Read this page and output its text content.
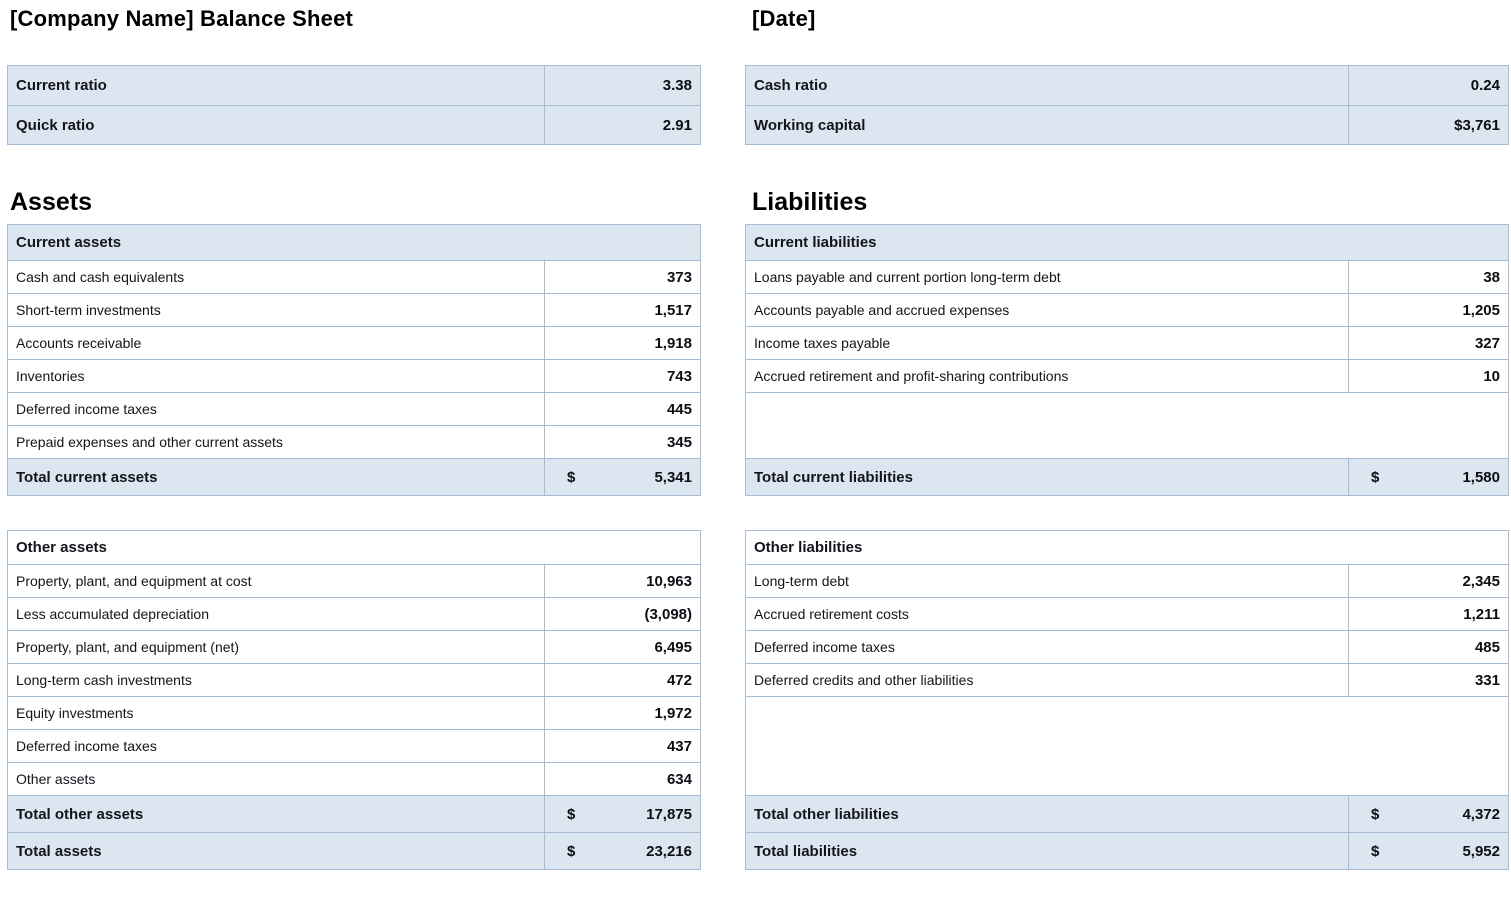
[Company Name] Balance Sheet	[Date]
Current ratio	3.38
Quick ratio	2.91
Cash ratio	0.24
Working capital	$3,761
Assets	Liabilities
Current assets
Cash and cash equivalents	373
Short-term investments	1,517
Accounts receivable	1,918
Inventories	743
Deferred income taxes	445
Prepaid expenses and other current assets	345
Total current assets	$	5,341
Other assets
Property, plant, and equipment at cost	10,963
Less accumulated depreciation	(3,098)
Property, plant, and equipment (net)	6,495
Long-term cash investments	472
Equity investments	1,972
Deferred income taxes	437
Other assets	634
Total other assets	$	17,875
Total assets	$	23,216
Current liabilities
Loans payable and current portion long-term debt	38
Accounts payable and accrued expenses	1,205
Income taxes payable	327
Accrued retirement and profit-sharing contributions	10
Total current liabilities	$	1,580
Other liabilities
Long-term debt	2,345
Accrued retirement costs	1,211
Deferred income taxes	485
Deferred credits and other liabilities	331
Total other liabilities	$	4,372
Total liabilities	$	5,952
